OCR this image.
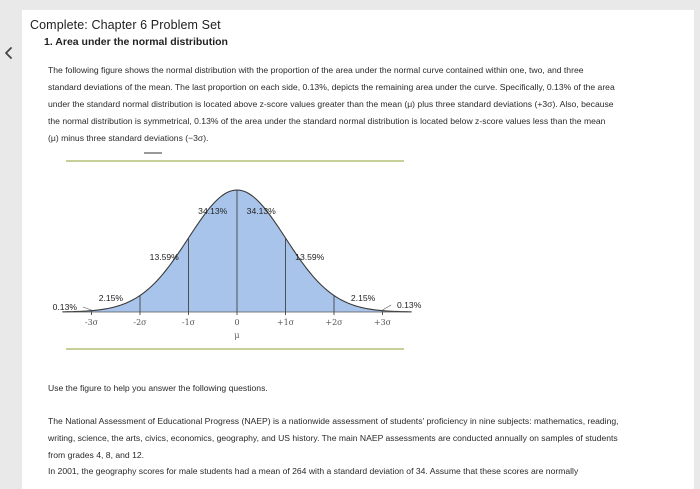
Complete: Chapter 6 Problem Set
1. Area under the normal distribution
The following figure shows the normal distribution with the proportion of the area under the normal curve contained within one, two, and three
standard deviations of the mean. The last proportion on each side, 0.13%, depicts the remaining area under the curve. Specifically, 0.13% of the area
under the standard normal distribution is located above z-score values greater than the mean (μ) plus three standard deviations (+3σ). Also, because
the normal distribution is symmetrical, 0.13% of the area under the standard normal distribution is located below z-score values less than the mean
(μ) minus three standard deviations (−3σ).
-3σ	-2σ	-1σ	0	+1σ	+2σ	+3σ
μ
0.13%
2.15%
13.59%
34.13% 34.13%
13.59%
2.15%
0.13%
Use the figure to help you answer the following questions.
The National Assessment of Educational Progress (NAEP) is a nationwide assessment of students' proficiency in nine subjects: mathematics, reading,
writing, science, the arts, civics, economics, geography, and US history. The main NAEP assessments are conducted annually on samples of students
from grades 4, 8, and 12.
In 2001, the geography scores for male students had a mean of 264 with a standard deviation of 34. Assume that these scores are normally
